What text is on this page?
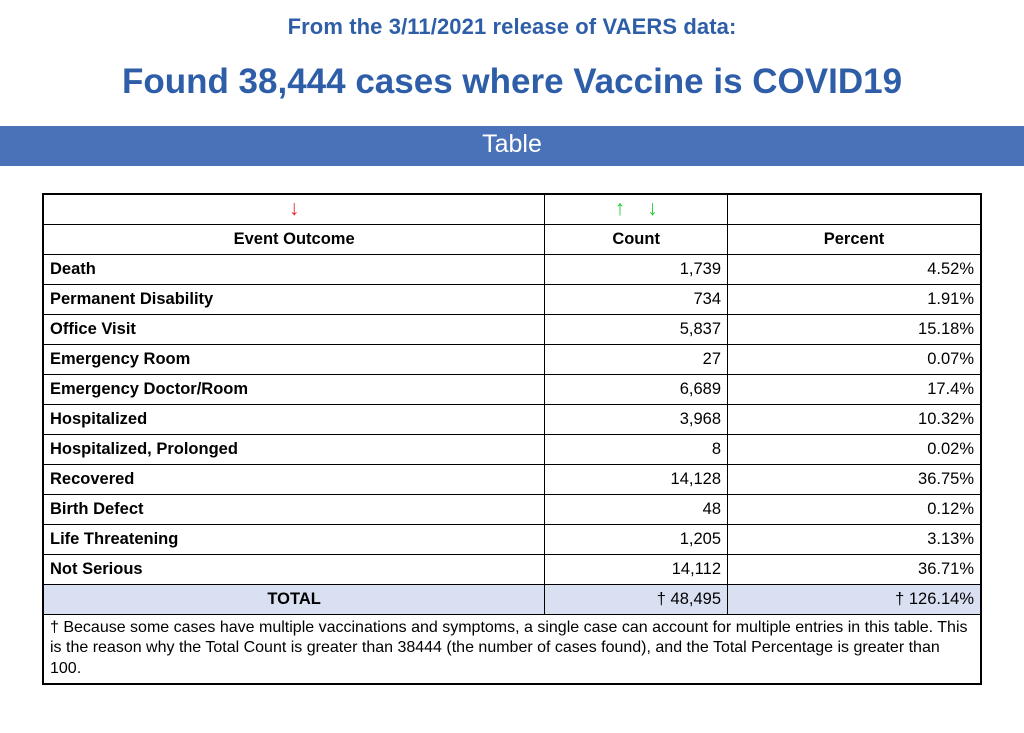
From the 3/11/2021 release of VAERS data:
Found 38,444 cases where Vaccine is COVID19
Table
↓	↑ ↓	
Event Outcome	Count	Percent
Death	1,739	4.52%
Permanent Disability	734	1.91%
Office Visit	5,837	15.18%
Emergency Room	27	0.07%
Emergency Doctor/Room	6,689	17.4%
Hospitalized	3,968	10.32%
Hospitalized, Prolonged	8	0.02%
Recovered	14,128	36.75%
Birth Defect	48	0.12%
Life Threatening	1,205	3.13%
Not Serious	14,112	36.71%
TOTAL	† 48,495	† 126.14%
† Because some cases have multiple vaccinations and symptoms, a single case can account for multiple entries in this table. This is the reason why the Total Count is greater than 38444 (the number of cases found), and the Total Percentage is greater than 100.		
